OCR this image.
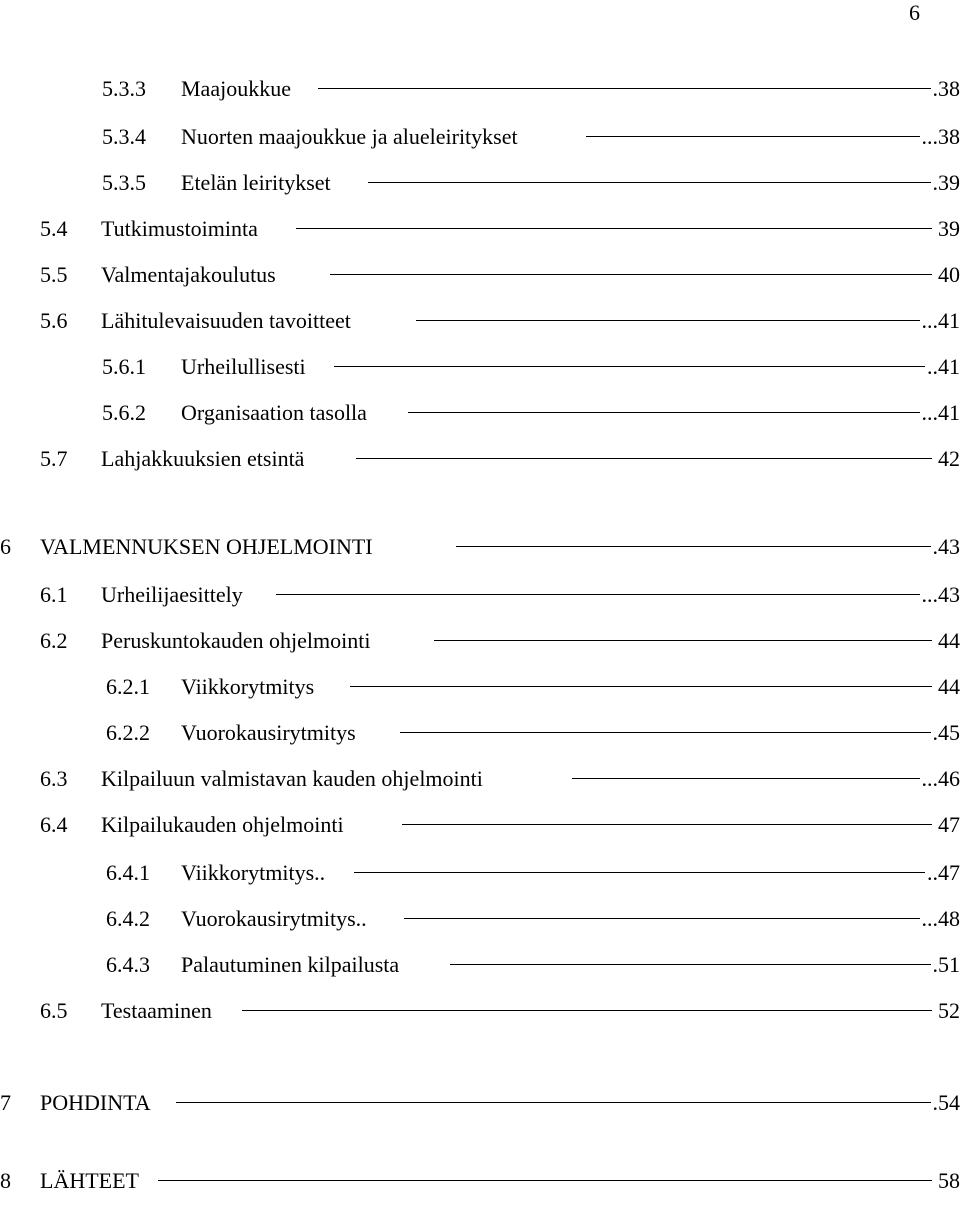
6
5.3.3 Maajoukkue	.38
5.3.4 Nuorten maajoukkue ja alueleiritykset	...38
5.3.5 Etelän leiritykset	.39
5.4 Tutkimustoiminta	39
5.5 Valmentajakoulutus	40
5.6 Lähitulevaisuuden tavoitteet	...41
5.6.1 Urheilullisesti	..41
5.6.2 Organisaation tasolla	...41
5.7 Lahjakkuuksien etsintä	42
6 VALMENNUKSEN OHJELMOINTI	.43
6.1 Urheilijaesittely	...43
6.2 Peruskuntokauden ohjelmointi	44
6.2.1 Viikkorytmitys	44
6.2.2 Vuorokausirytmitys	.45
6.3 Kilpailuun valmistavan kauden ohjelmointi	...46
6.4 Kilpailukauden ohjelmointi	47
6.4.1 Viikkorytmitys..	..47
6.4.2 Vuorokausirytmitys..	...48
6.4.3 Palautuminen kilpailusta	.51
6.5 Testaaminen	52
7 POHDINTA	.54
8 LÄHTEET	58
